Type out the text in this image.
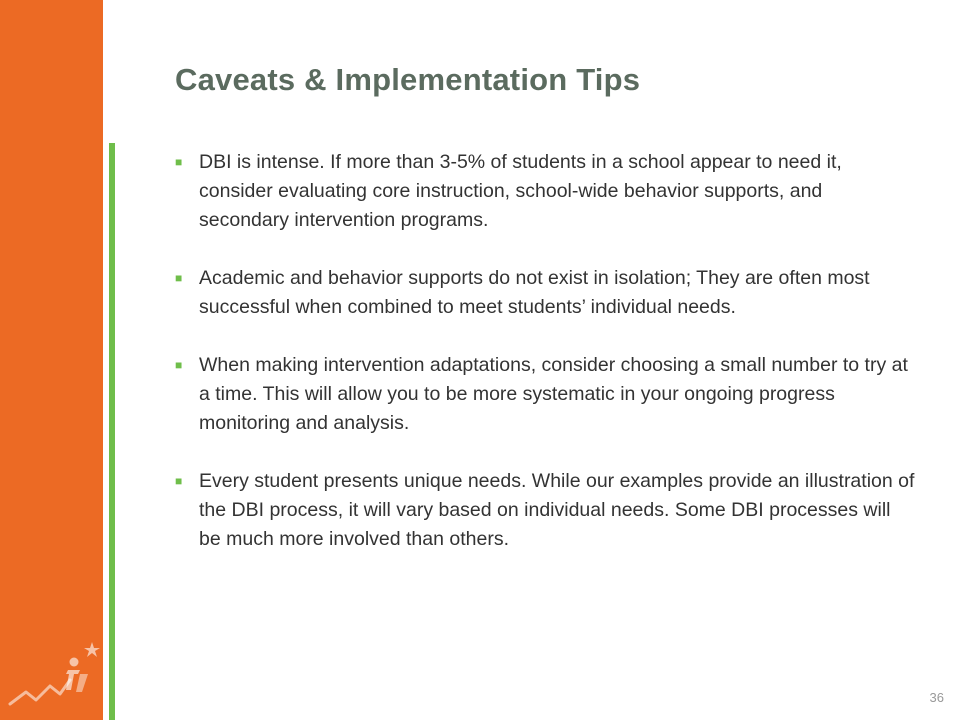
Caveats & Implementation Tips
■ DBI is intense. If more than 3-5% of students in a school appear to need it, consider evaluating core instruction, school-wide behavior supports, and secondary intervention programs.
■ Academic and behavior supports do not exist in isolation; They are often most successful when combined to meet students’ individual needs.
■ When making intervention adaptations, consider choosing a small number to try at a time. This will allow you to be more systematic in your ongoing progress monitoring and analysis.
■ Every student presents unique needs. While our examples provide an illustration of the DBI process, it will vary based on individual needs. Some DBI processes will be much more involved than others.
36
